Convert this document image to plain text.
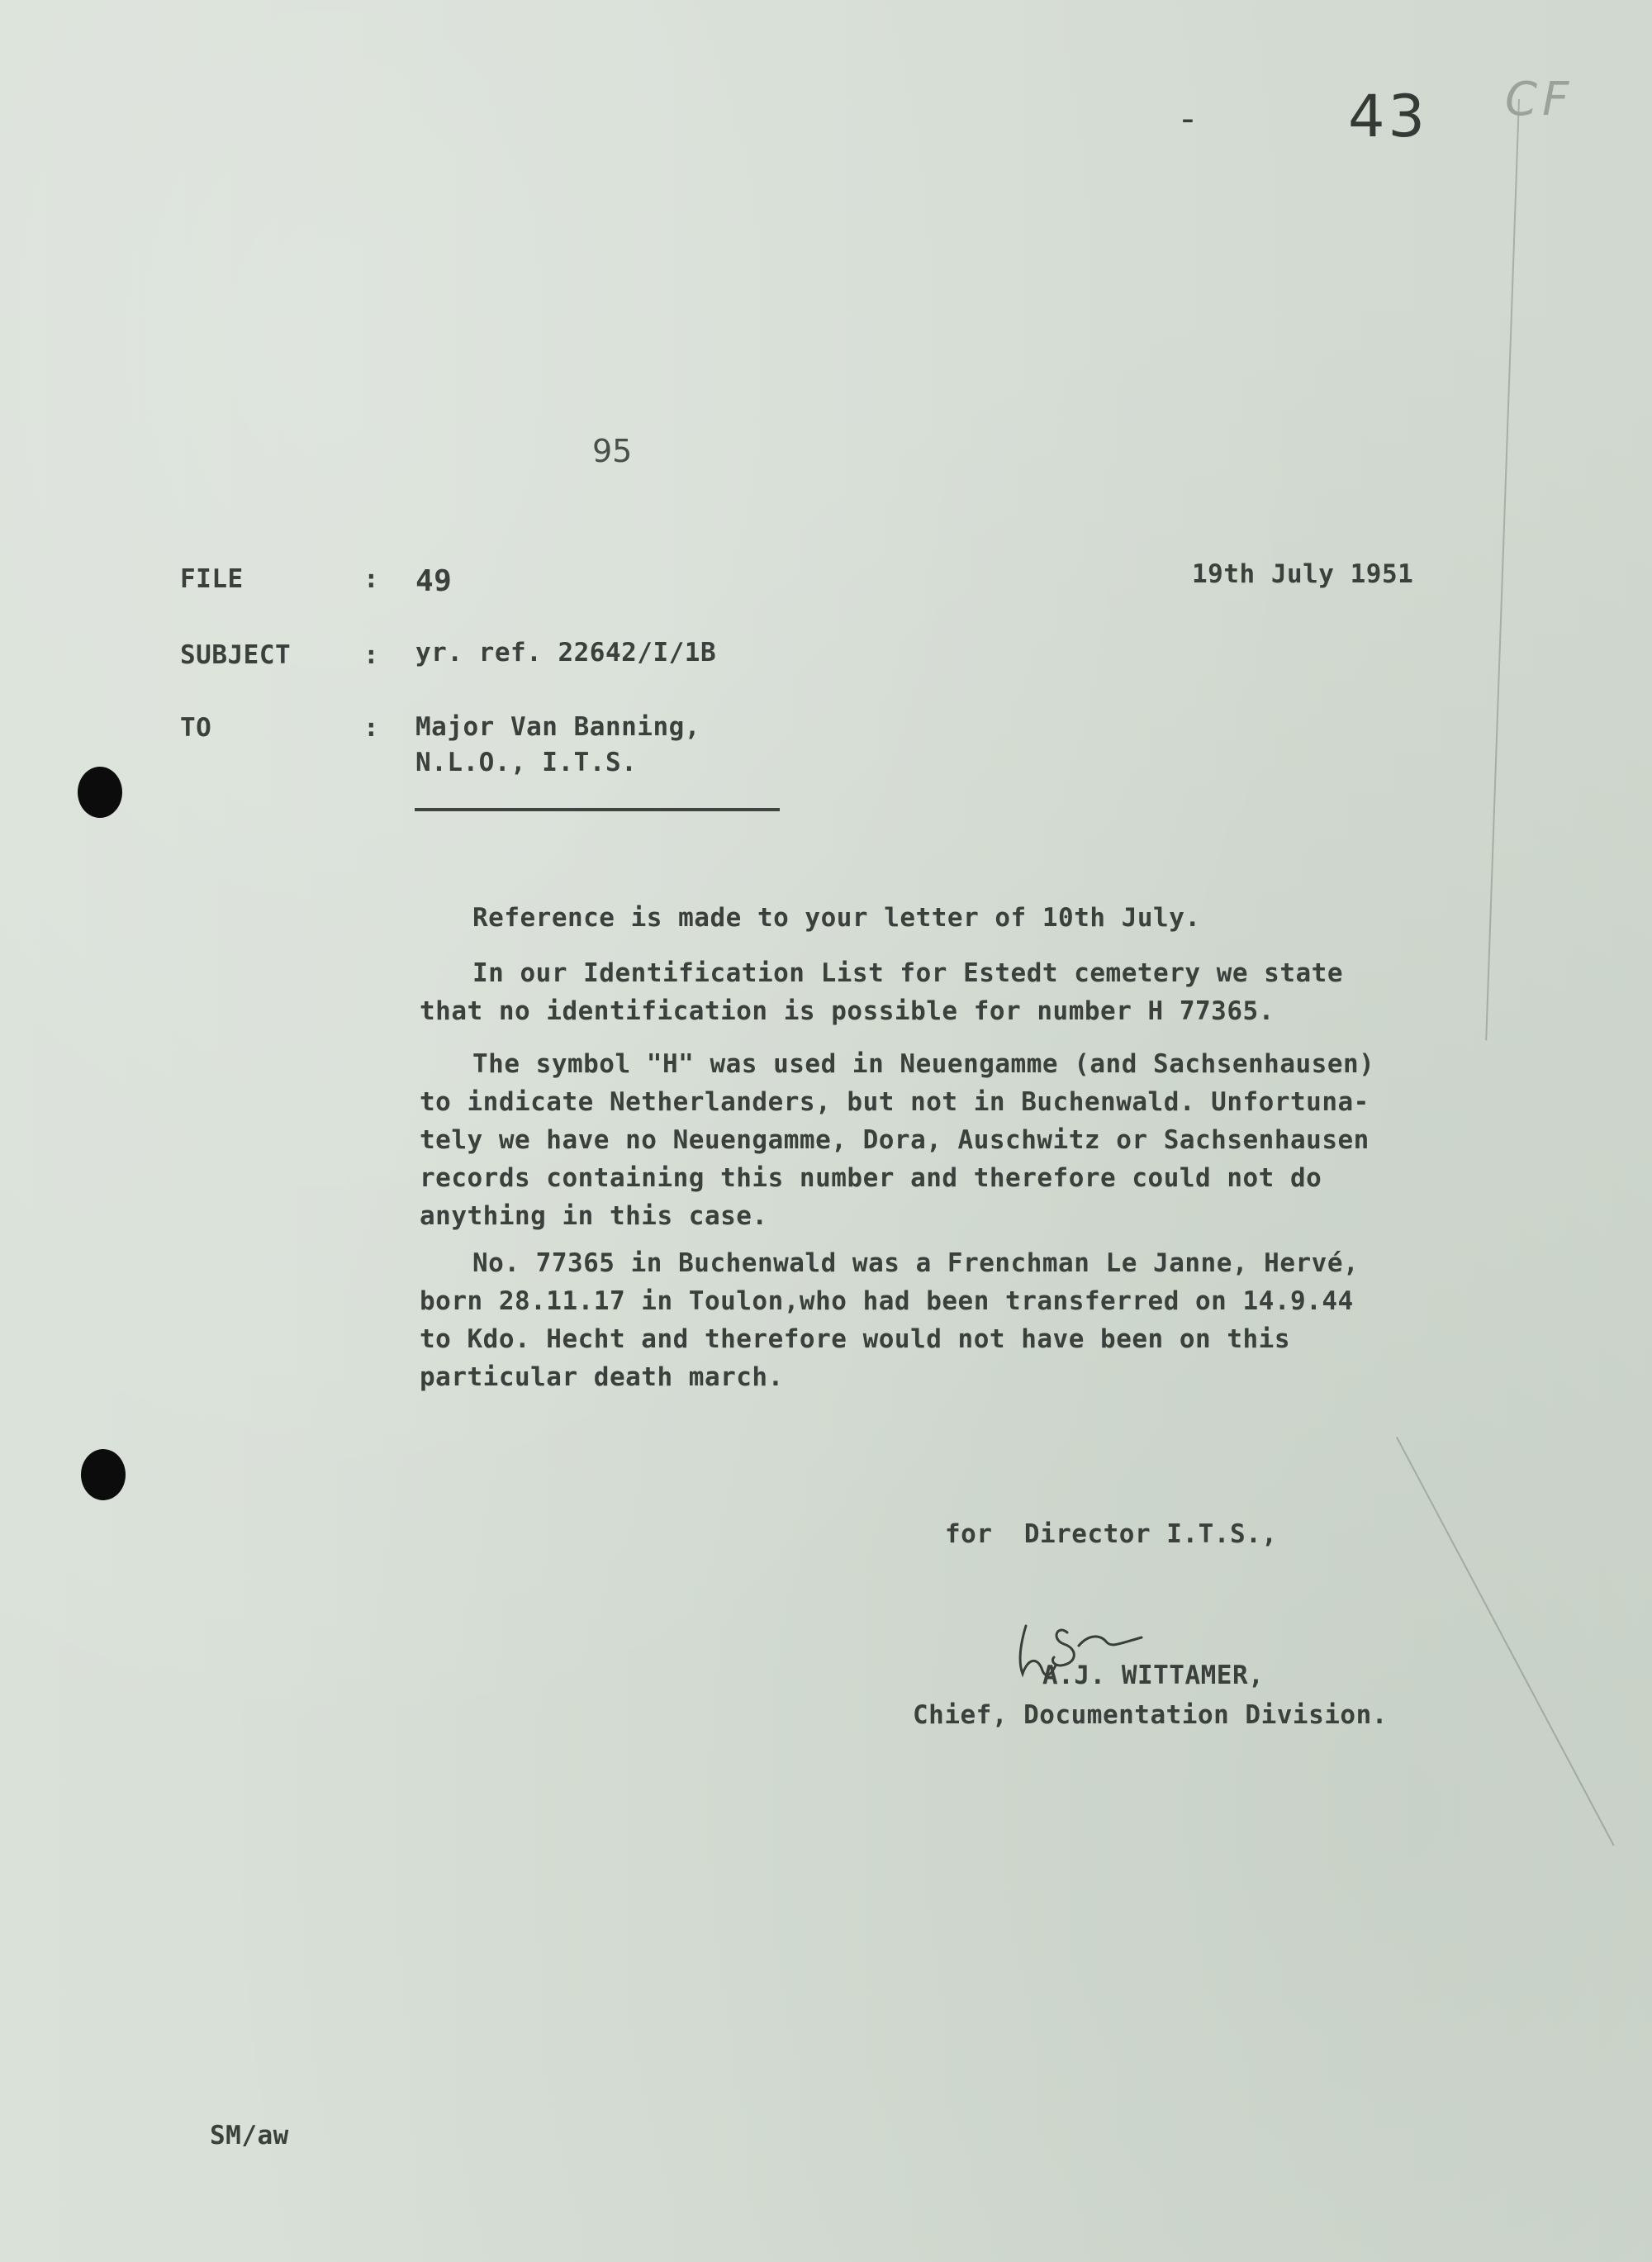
-	43 CF
95
FILE	: 49	19th July 1951
SUBJECT	: yr. ref. 22642/I/1B
TO	: Major Van Banning,
N.L.O., I.T.S.
Reference is made to your letter of 10th July.
In our Identification List for Estedt cemetery we state
that no identification is possible for number H 77365.
The symbol "H" was used in Neuengamme (and Sachsenhausen)
to indicate Netherlanders, but not in Buchenwald. Unfortuna-
tely we have no Neuengamme, Dora, Auschwitz or Sachsenhausen
records containing this number and therefore could not do
anything in this case.
No. 77365 in Buchenwald was a Frenchman Le Janne, Hervé,
born 28.11.17 in Toulon,who had been transferred on 14.9.44
to Kdo. Hecht and therefore would not have been on this
particular death march.
for  Director I.T.S.,
A.J. WITTAMER,
Chief, Documentation Division.
SM/aw
